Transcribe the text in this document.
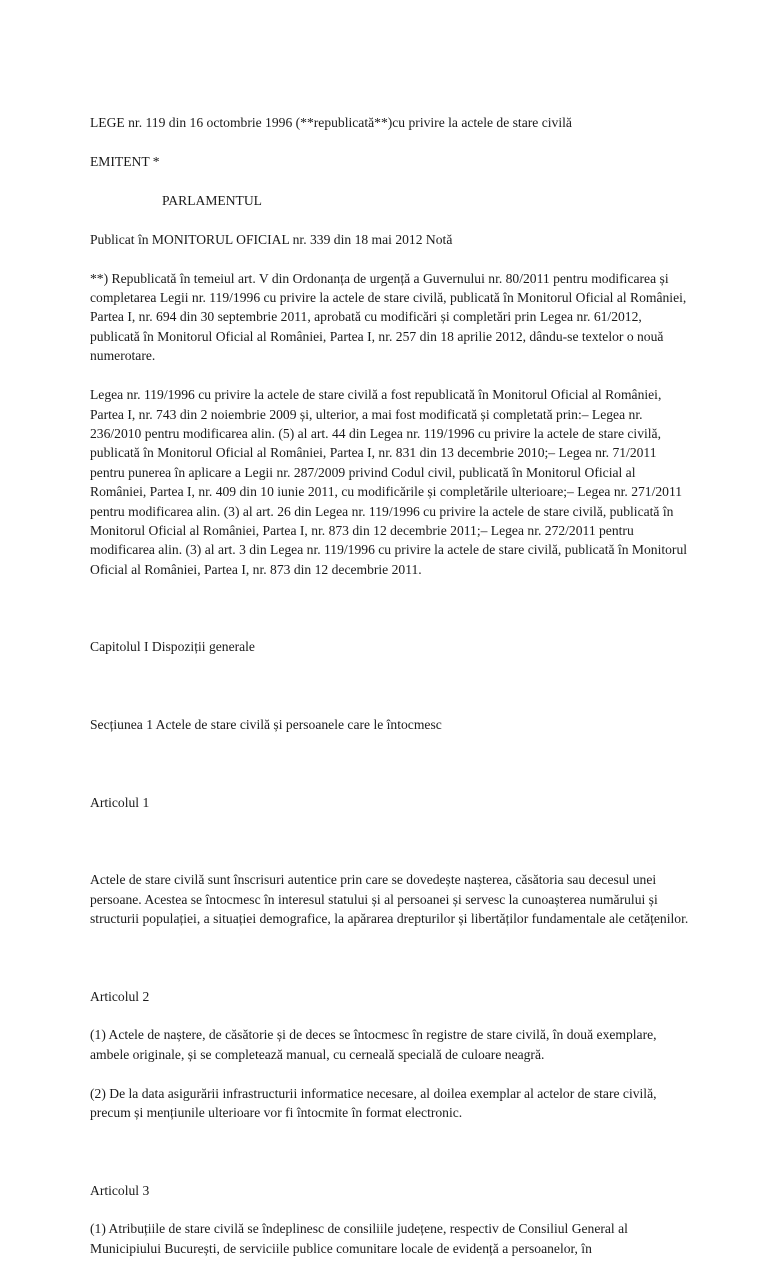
LEGE nr. 119 din 16 octombrie 1996 (**republicată**)cu privire la actele de stare civilă

EMITENT *

PARLAMENTUL

Publicat în MONITORUL OFICIAL nr. 339 din 18 mai 2012 Notă

**) Republicată în temeiul art. V din Ordonanța de urgență a Guvernului nr. 80/2011 pentru modificarea și completarea Legii nr. 119/1996 cu privire la actele de stare civilă, publicată în Monitorul Oficial al României, Partea I, nr. 694 din 30 septembrie 2011, aprobată cu modificări și completări prin Legea nr. 61/2012, publicată în Monitorul Oficial al României, Partea I, nr. 257 din 18 aprilie 2012, dându-se textelor o nouă numerotare.

Legea nr. 119/1996 cu privire la actele de stare civilă a fost republicată în Monitorul Oficial al României, Partea I, nr. 743 din 2 noiembrie 2009 și, ulterior, a mai fost modificată și completată prin:– Legea nr. 236/2010 pentru modificarea alin. (5) al art. 44 din Legea nr. 119/1996 cu privire la actele de stare civilă, publicată în Monitorul Oficial al României, Partea I, nr. 831 din 13 decembrie 2010;– Legea nr. 71/2011 pentru punerea în aplicare a Legii nr. 287/2009 privind Codul civil, publicată în Monitorul Oficial al României, Partea I, nr. 409 din 10 iunie 2011, cu modificările și completările ulterioare;– Legea nr. 271/2011 pentru modificarea alin. (3) al art. 26 din Legea nr. 119/1996 cu privire la actele de stare civilă, publicată în Monitorul Oficial al României, Partea I, nr. 873 din 12 decembrie 2011;– Legea nr. 272/2011 pentru modificarea alin. (3) al art. 3 din Legea nr. 119/1996 cu privire la actele de stare civilă, publicată în Monitorul Oficial al României, Partea I, nr. 873 din 12 decembrie 2011.

Capitolul I Dispoziții generale

Secțiunea 1 Actele de stare civilă și persoanele care le întocmesc

Articolul 1

Actele de stare civilă sunt înscrisuri autentice prin care se dovedește nașterea, căsătoria sau decesul unei persoane. Acestea se întocmesc în interesul statului și al persoanei și servesc la cunoașterea numărului și structurii populației, a situației demografice, la apărarea drepturilor și libertăților fundamentale ale cetățenilor.

Articolul 2

(1) Actele de naștere, de căsătorie și de deces se întocmesc în registre de stare civilă, în două exemplare, ambele originale, și se completează manual, cu cerneală specială de culoare neagră.

(2) De la data asigurării infrastructurii informatice necesare, al doilea exemplar al actelor de stare civilă, precum și mențiunile ulterioare vor fi întocmite în format electronic.

Articolul 3

(1) Atribuțiile de stare civilă se îndeplinesc de consiliile județene, respectiv de Consiliul General al Municipiului București, de serviciile publice comunitare locale de evidență a persoanelor, în
